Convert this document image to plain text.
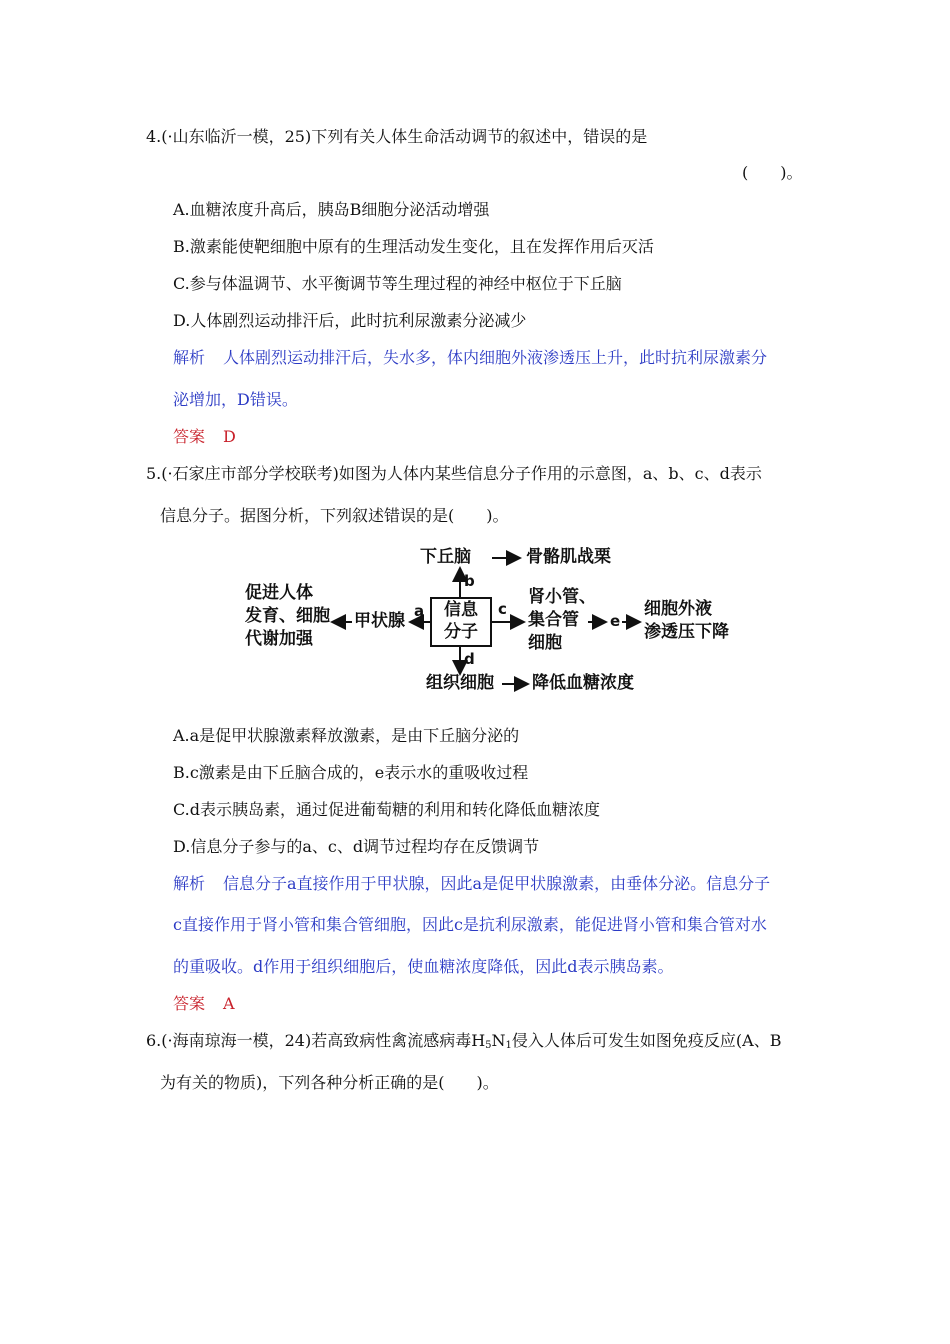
4.(·山东临沂一模，25)下列有关人体生命活动调节的叙述中，错误的是
(　　)。
A.血糖浓度升高后，胰岛B细胞分泌活动增强
B.激素能使靶细胞中原有的生理活动发生变化，且在发挥作用后灭活
C.参与体温调节、水平衡调节等生理过程的神经中枢位于下丘脑
D.人体剧烈运动排汗后，此时抗利尿激素分泌减少
解析 人体剧烈运动排汗后，失水多，体内细胞外液渗透压上升，此时抗利尿激素分
泌增加，D错误。
答案 D
5.(·石家庄市部分学校联考)如图为人体内某些信息分子作用的示意图，a、b、c、d表示
信息分子。据图分析，下列叙述错误的是(　　)。
下丘脑	骨骼肌战栗
b
促进人体
发育、细胞
代谢加强
甲状腺 a	信息
分子
c
肾小管、
集合管
细胞
e
细胞外液
渗透压下降
d
组织细胞 降低血糖浓度
A.a是促甲状腺激素释放激素，是由下丘脑分泌的
B.c激素是由下丘脑合成的，e表示水的重吸收过程
C.d表示胰岛素，通过促进葡萄糖的利用和转化降低血糖浓度
D.信息分子参与的a、c、d调节过程均存在反馈调节
解析 信息分子a直接作用于甲状腺，因此a是促甲状腺激素，由垂体分泌。信息分子
c直接作用于肾小管和集合管细胞，因此c是抗利尿激素，能促进肾小管和集合管对水
的重吸收。d作用于组织细胞后，使血糖浓度降低，因此d表示胰岛素。
答案 A
6.(·海南琼海一模，24)若高致病性禽流感病毒$H_5N_1$侵入人体后可发生如图免疫反应(A、B
为有关的物质)，下列各种分析正确的是(　　)。
